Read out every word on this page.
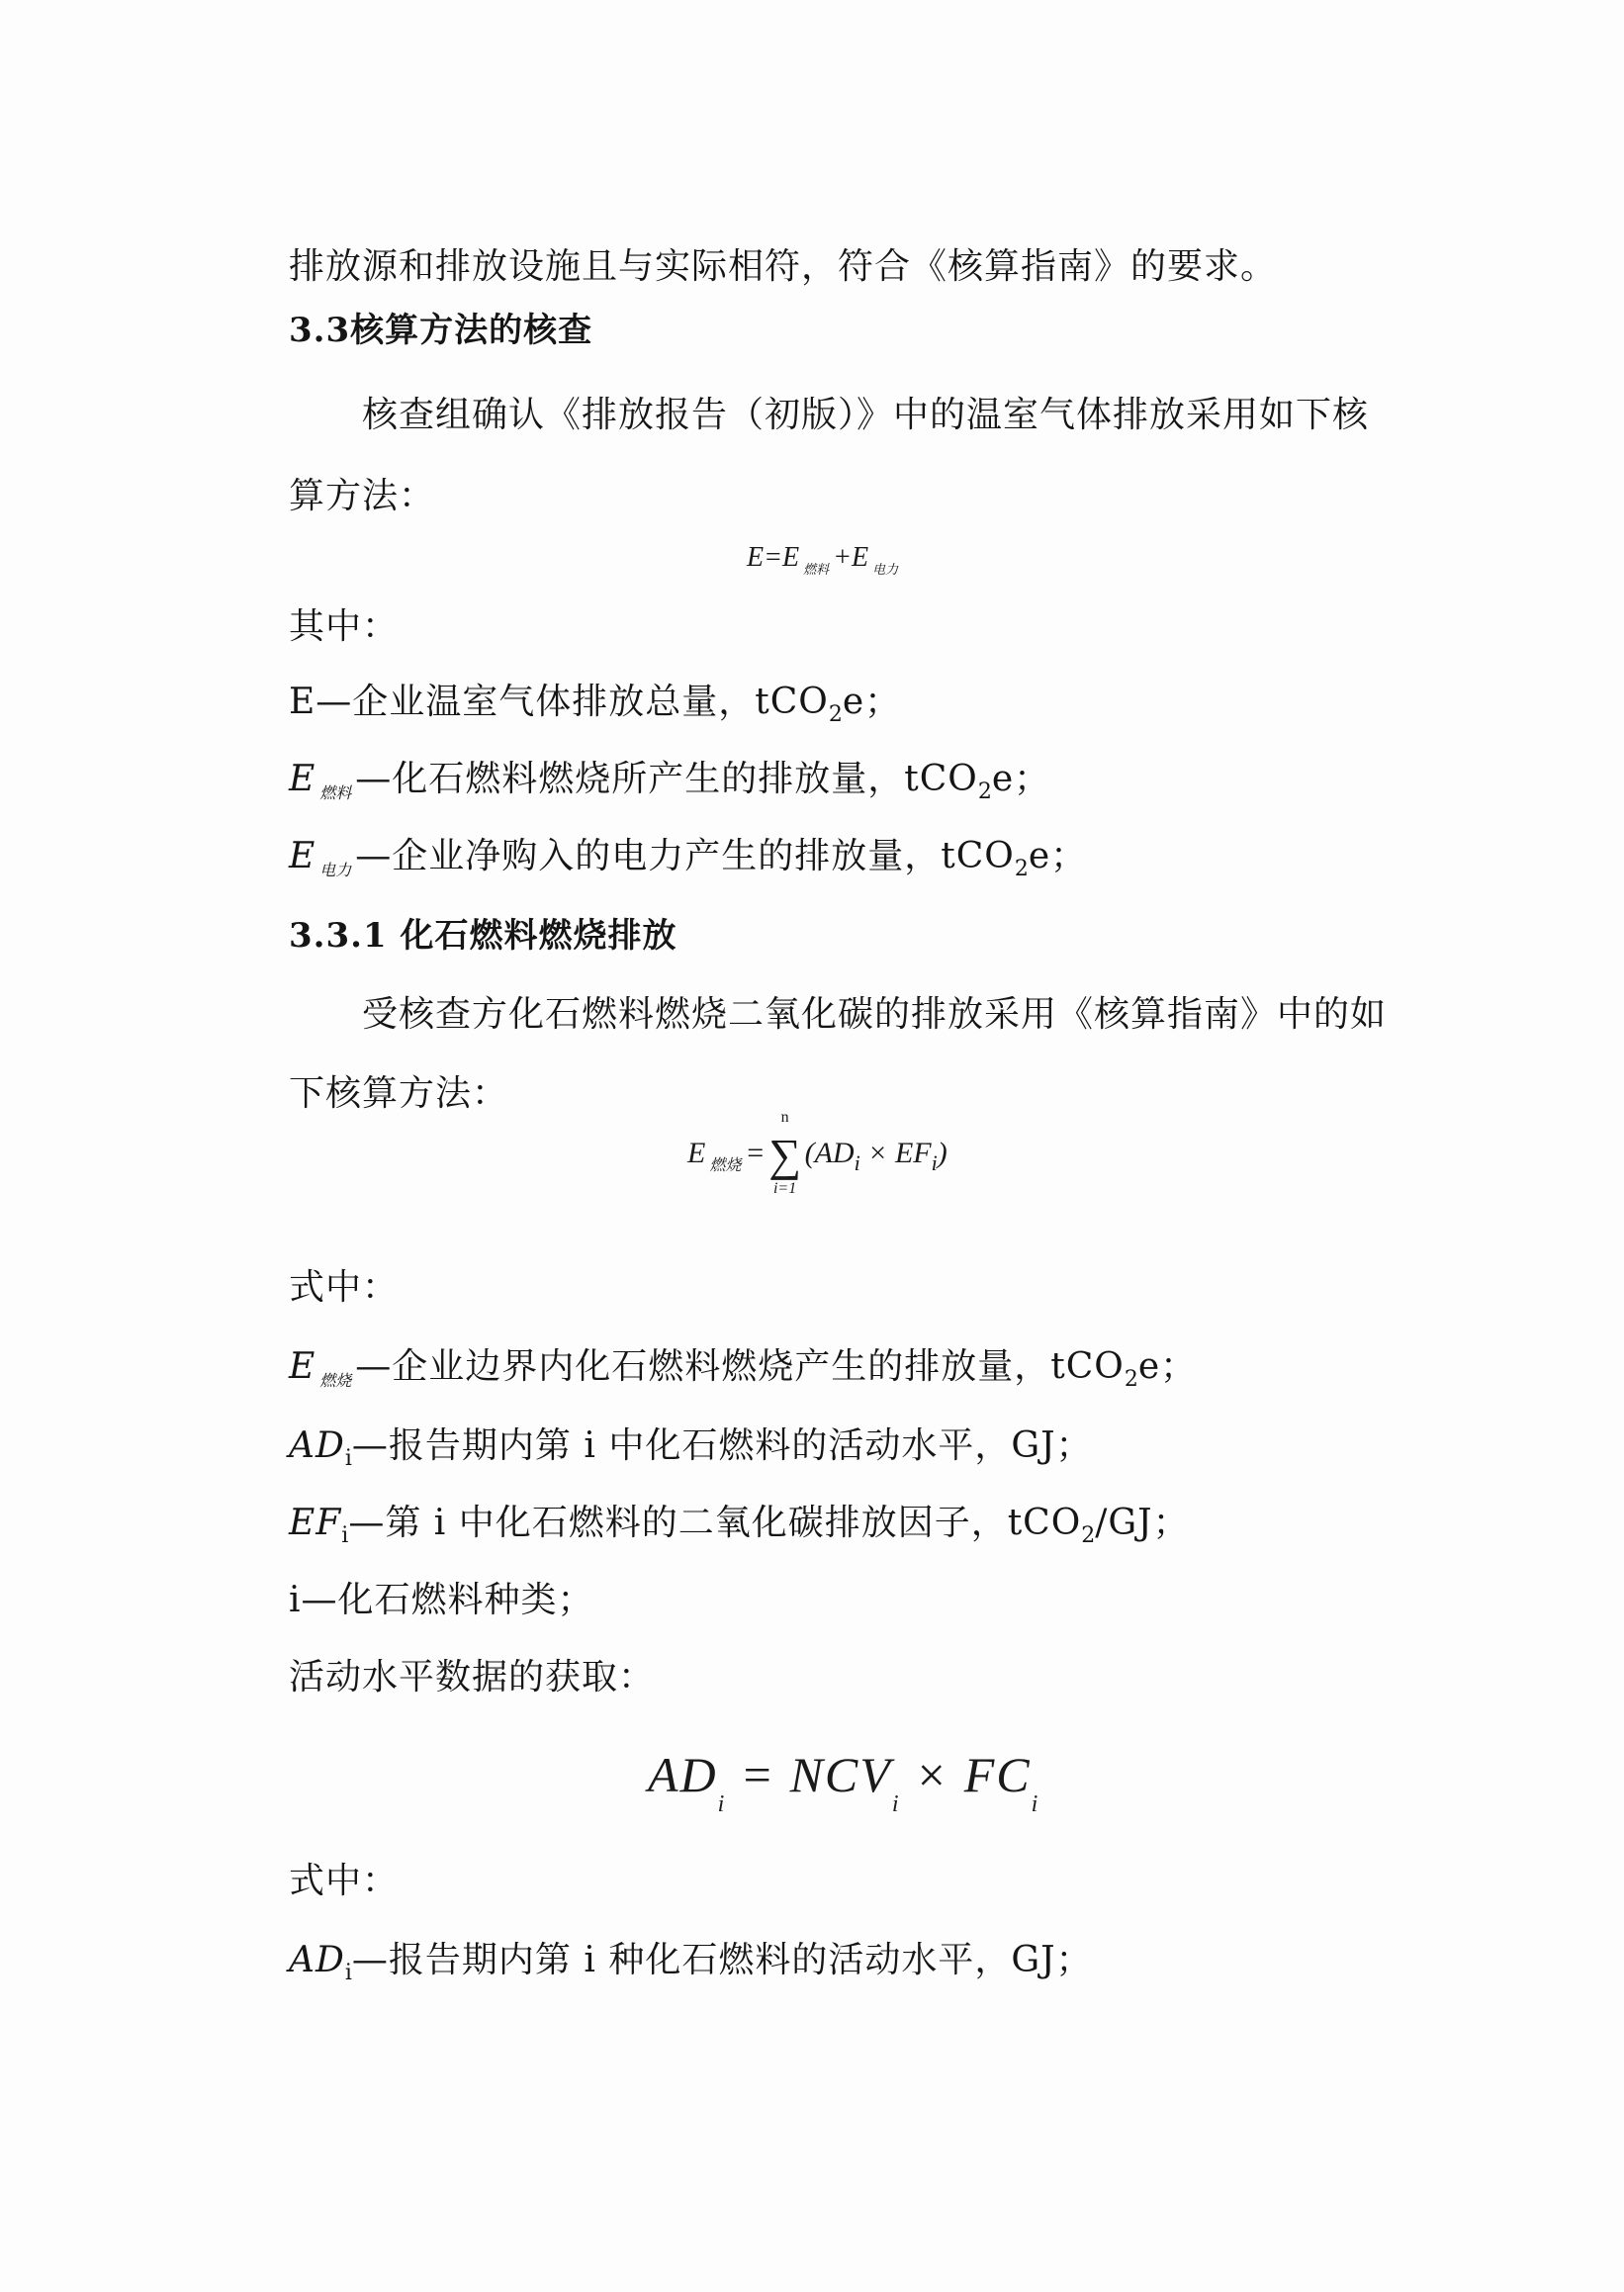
排放源和排放设施且与实际相符，符合《核算指南》的要求。
3.3核算方法的核查
核查组确认《排放报告（初版）》中的温室气体排放采用如下核
算方法：
E=E $_{燃料}$ +E $_{电力}$
其中：
E—企业温室气体排放总量，tCO$_2$e；
E $_{燃料}$ —化石燃料燃烧所产生的排放量，tCO$_2$e；
E $_{电力}$ —企业净购入的电力产生的排放量，tCO$_2$e；
3.3.1 化石燃料燃烧排放
受核查方化石燃料燃烧二氧化碳的排放采用《核算指南》中的如
下核算方法：
E $_{燃烧}$ =
n
∑
i=1
$(AD_i \times EF_i)$
式中：
E $_{燃烧}$ —企业边界内化石燃料燃烧产生的排放量，tCO$_2$e；
$AD_i—$报告期内第 i 中化石燃料的活动水平，GJ；
$EF_i—$第 i 中化石燃料的二氧化碳排放因子，tCO$_2$/GJ；
i—化石燃料种类；
活动水平数据的获取：
$AD_i= NCV_i\times FC_i$
式中：
$AD_i—$报告期内第 i 种化石燃料的活动水平，GJ；
